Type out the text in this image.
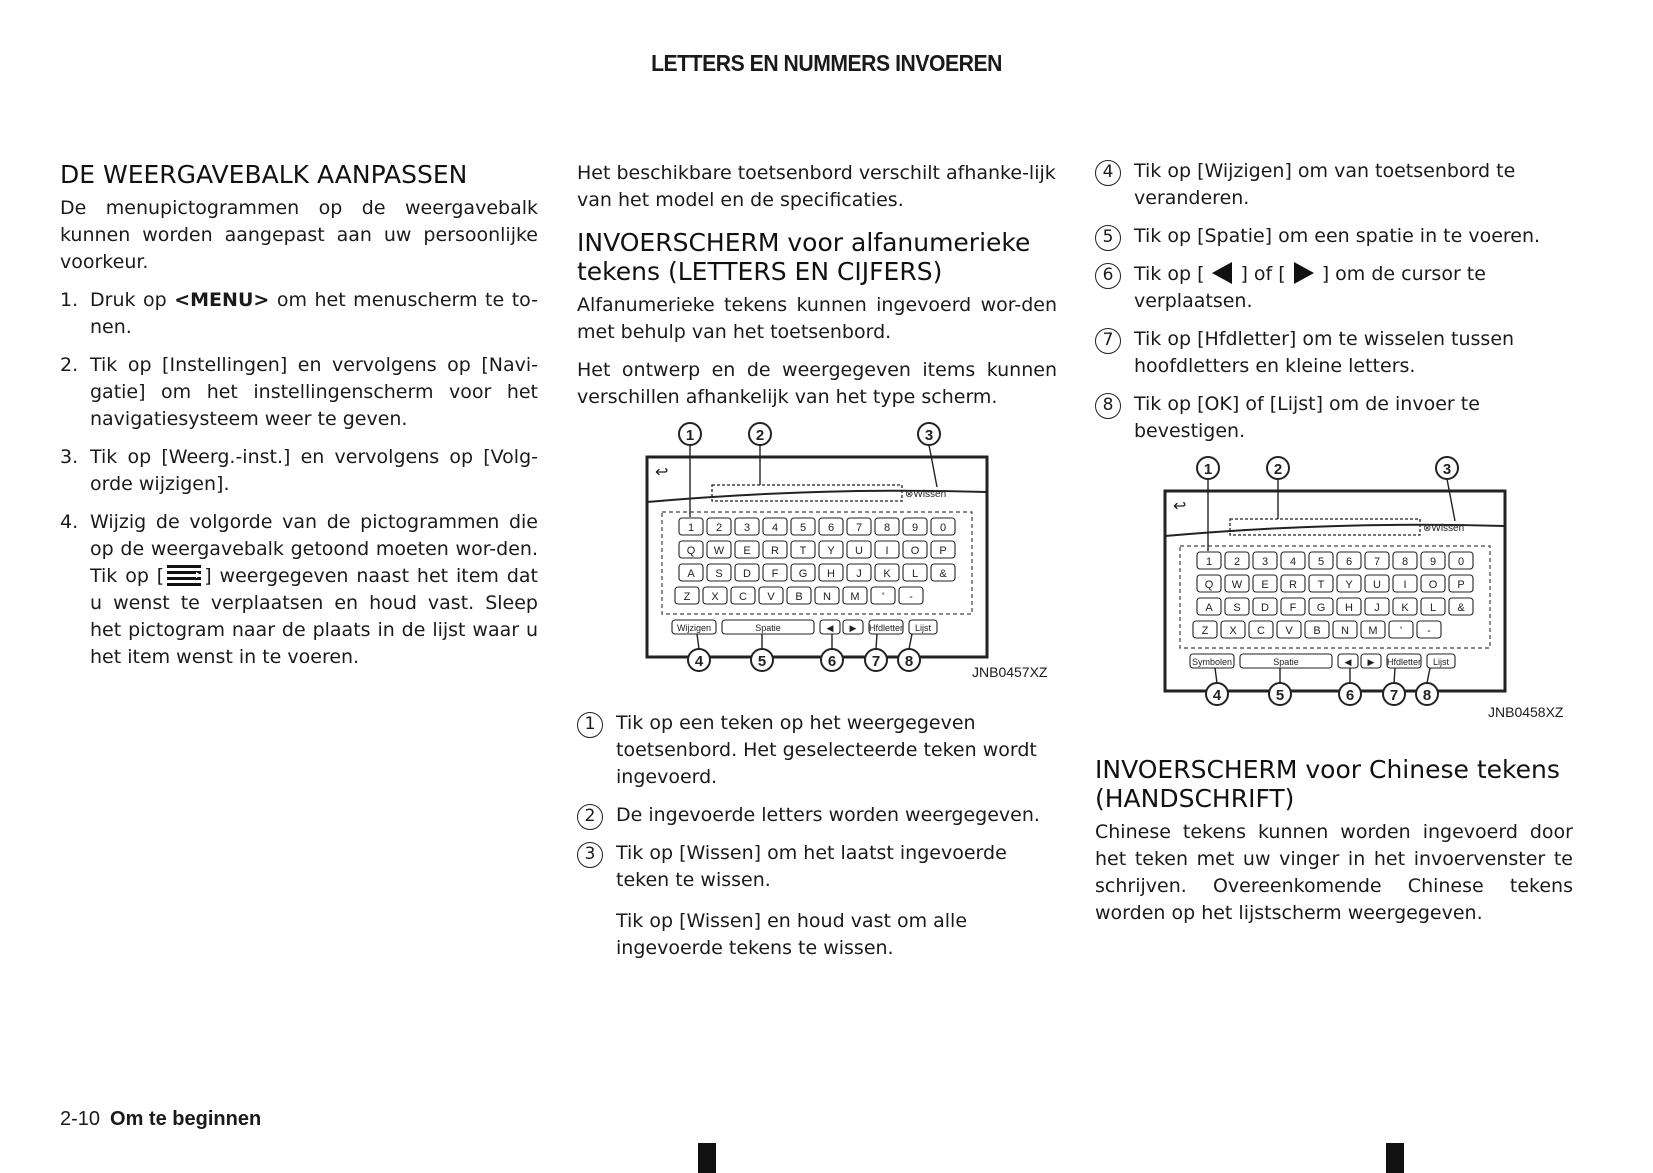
LETTERS EN NUMMERS INVOEREN
DE WEERGAVEBALK AANPASSEN

De menupictogrammen op de weergavebalk kunnen worden aangepast aan uw persoonlijke voorkeur.

1. Druk op <MENU> om het menuscherm te to-nen.
2. Tik op [Instellingen] en vervolgens op [Navi-gatie] om het instellingenscherm voor het navigatiesysteem weer te geven.
3. Tik op [Weerg.-inst.] en vervolgens op [Volg-orde wijzigen].
4. Wijzig de volgorde van de pictogrammen die op de weergavebalk getoond moeten wor-den. Tik op [ ] weergegeven naast het item dat u wenst te verplaatsen en houd vast. Sleep het pictogram naar de plaats in de lijst waar u het item wenst in te voeren.

Het beschikbare toetsenbord verschilt afhanke-lijk van het model en de specificaties.

INVOERSCHERM voor alfanumerieke tekens (LETTERS EN CIJFERS)

Alfanumerieke tekens kunnen ingevoerd wor-den met behulp van het toetsenbord.

Het ontwerp en de weergegeven items kunnen verschillen afhankelijk van het type scherm.

↩
⊗Wissen
1 2 3 4 5 6 7 8 9 0
Q W E R T Y U I O P
A S D F G H J K L &
Z X C V B N M ' -
Wijzigen	Spatie	◀ ▶ Hfdletter Lijst
1	2	3
4	5	6 7 8
JNB0457XZ
1	Tik op een teken op het weergegeven toetsenbord. Het geselecteerde teken wordt ingevoerd.
2	De ingevoerde letters worden weergegeven.
3	Tik op [Wissen] om het laatst ingevoerde teken te wissen.

Tik op [Wissen] en houd vast om alle ingevoerde tekens te wissen.

4	Tik op [Wijzigen] om van toetsenbord te veranderen.
5	Tik op [Spatie] om een spatie in te voeren.
6	Tik op [ ] of [ ] om de cursor te verplaatsen.
7	Tik op [Hfdletter] om te wisselen tussen hoofdletters en kleine letters.
8	Tik op [OK] of [Lijst] om de invoer te bevestigen.
↩
⊗Wissen
1 2 3 4 5 6 7 8 9 0
Q W E R T Y U I O P
A S D F G H J K L &
Z X C V B N M ' -
Symbolen	Spatie	◀ ▶ Hfdletter Lijst
1	2	3
4	5	6 7 8
JNB0458XZ
INVOERSCHERM voor Chinese tekens (HANDSCHRIFT)

Chinese tekens kunnen worden ingevoerd door het teken met uw vinger in het invoervenster te schrijven. Overeenkomende Chinese tekens worden op het lijstscherm weergegeven.

2-10 Om te beginnen
